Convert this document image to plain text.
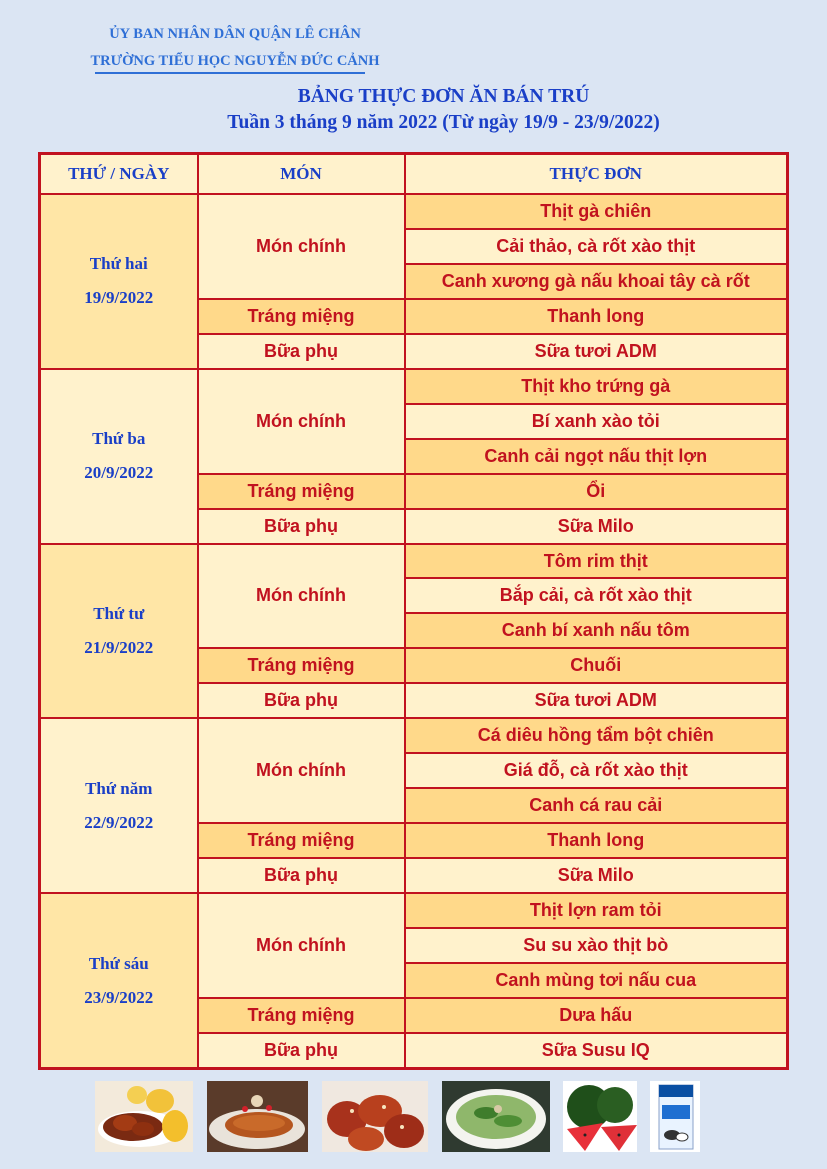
ỦY BAN NHÂN DÂN QUẬN LÊ CHÂN
TRƯỜNG TIỂU HỌC NGUYỄN ĐỨC CẢNH
BẢNG THỰC ĐƠN ĂN BÁN TRÚ
Tuần 3 tháng 9 năm 2022 (Từ ngày 19/9 - 23/9/2022)
THỨ / NGÀY	MÓN	THỰC ĐƠN

Thứ hai
19/9/2022	Món chính	Thịt gà chiên
		Cải thảo, cà rốt xào thịt
		Canh xương gà nấu khoai tây cà rốt
	Tráng miệng	Thanh long
	Bữa phụ	Sữa tươi ADM

Thứ ba
20/9/2022	Món chính	Thịt kho trứng gà
		Bí xanh xào tỏi
		Canh cải ngọt nấu thịt lợn
	Tráng miệng	Ổi
	Bữa phụ	Sữa Milo

Thứ tư
21/9/2022	Món chính	Tôm rim thịt
		Bắp cải, cà rốt xào thịt
		Canh bí xanh nấu tôm
	Tráng miệng	Chuối
	Bữa phụ	Sữa tươi ADM

Thứ năm
22/9/2022	Món chính	Cá diêu hồng tẩm bột chiên
		Giá đỗ, cà rốt xào thịt
		Canh cá rau cải
	Tráng miệng	Thanh long
	Bữa phụ	Sữa Milo

Thứ sáu
23/9/2022	Món chính	Thịt lợn ram tỏi
		Su su xào thịt bò
		Canh mùng tơi nấu cua
	Tráng miệng	Dưa hấu
	Bữa phụ	Sữa Susu IQ
